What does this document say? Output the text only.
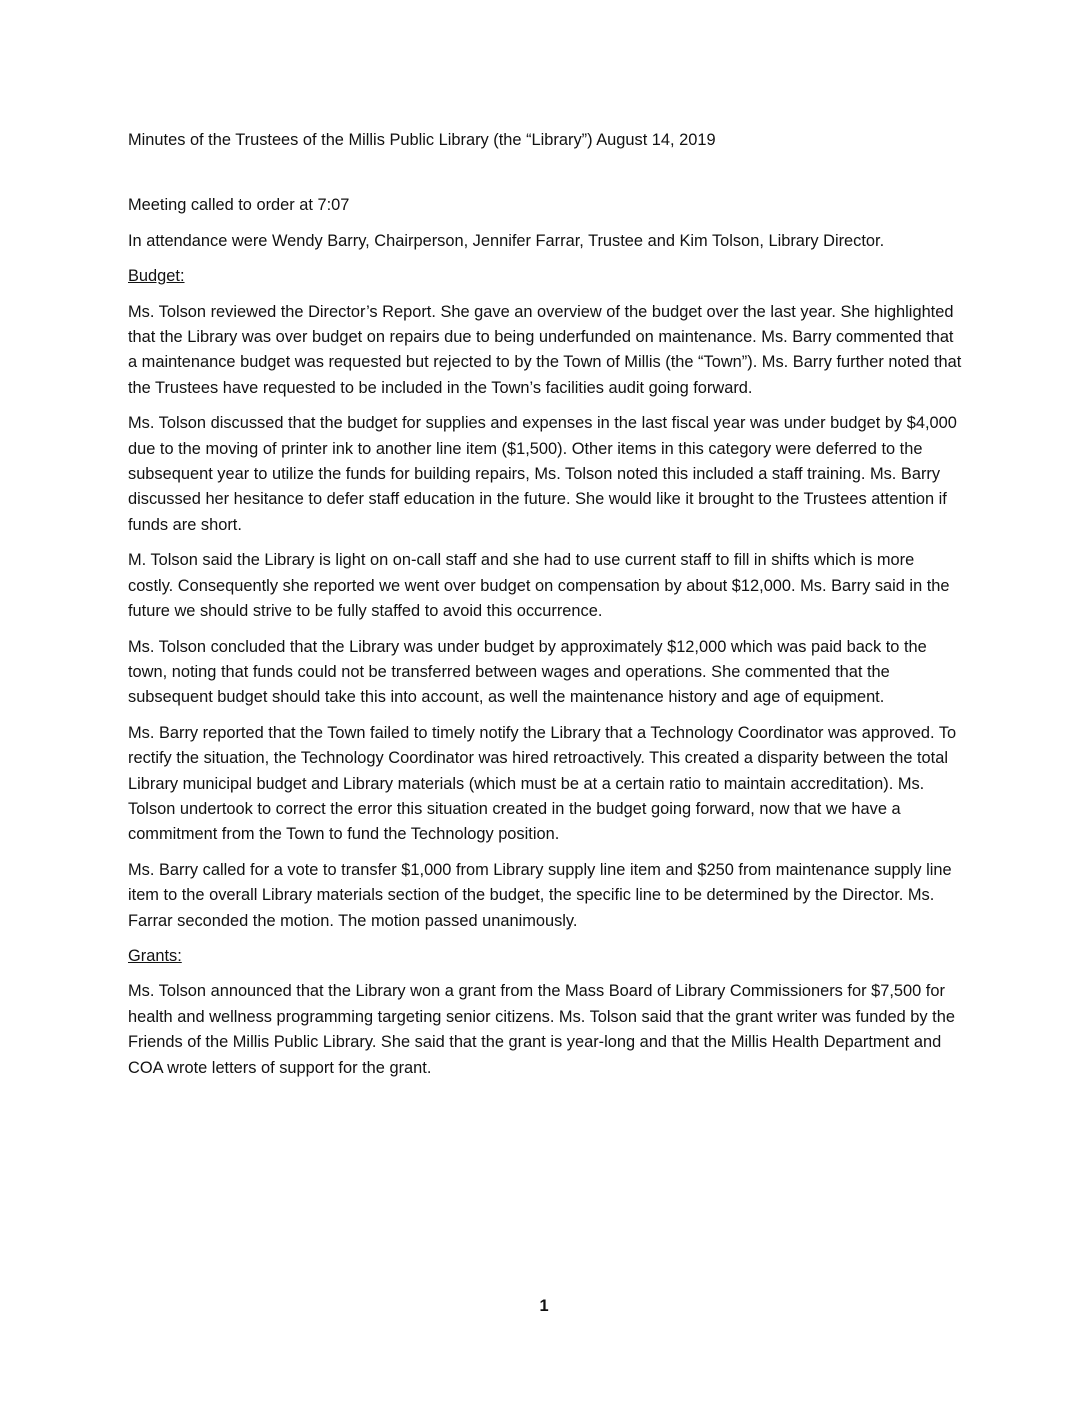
Minutes of the Trustees of the Millis Public Library (the “Library”) August 14, 2019

Meeting called to order at 7:07

In attendance were Wendy Barry, Chairperson, Jennifer Farrar, Trustee and Kim Tolson, Library Director.

Budget:

Ms. Tolson reviewed the Director’s Report. She gave an overview of the budget over the last year. She highlighted that the Library was over budget on repairs due to being underfunded on maintenance. Ms. Barry commented that a maintenance budget was requested but rejected to by the Town of Millis (the “Town”). Ms. Barry further noted that the Trustees have requested to be included in the Town’s facilities audit going forward.

Ms. Tolson discussed that the budget for supplies and expenses in the last fiscal year was under budget by $4,000 due to the moving of printer ink to another line item ($1,500). Other items in this category were deferred to the subsequent year to utilize the funds for building repairs, Ms. Tolson noted this included a staff training. Ms. Barry discussed her hesitance to defer staff education in the future. She would like it brought to the Trustees attention if funds are short.

M. Tolson said the Library is light on on-call staff and she had to use current staff to fill in shifts which is more costly. Consequently she reported we went over budget on compensation by about $12,000. Ms. Barry said in the future we should strive to be fully staffed to avoid this occurrence.

Ms. Tolson concluded that the Library was under budget by approximately $12,000 which was paid back to the town, noting that funds could not be transferred between wages and operations. She commented that the subsequent budget should take this into account, as well the maintenance history and age of equipment.

Ms. Barry reported that the Town failed to timely notify the Library that a Technology Coordinator was approved. To rectify the situation, the Technology Coordinator was hired retroactively. This created a disparity between the total Library municipal budget and Library materials (which must be at a certain ratio to maintain accreditation). Ms. Tolson undertook to correct the error this situation created in the budget going forward, now that we have a commitment from the Town to fund the Technology position.

Ms. Barry called for a vote to transfer $1,000 from Library supply line item and $250 from maintenance supply line item to the overall Library materials section of the budget, the specific line to be determined by the Director. Ms. Farrar seconded the motion. The motion passed unanimously.

Grants:

Ms. Tolson announced that the Library won a grant from the Mass Board of Library Commissioners for $7,500 for health and wellness programming targeting senior citizens. Ms. Tolson said that the grant writer was funded by the Friends of the Millis Public Library. She said that the grant is year-long and that the Millis Health Department and COA wrote letters of support for the grant.

1
